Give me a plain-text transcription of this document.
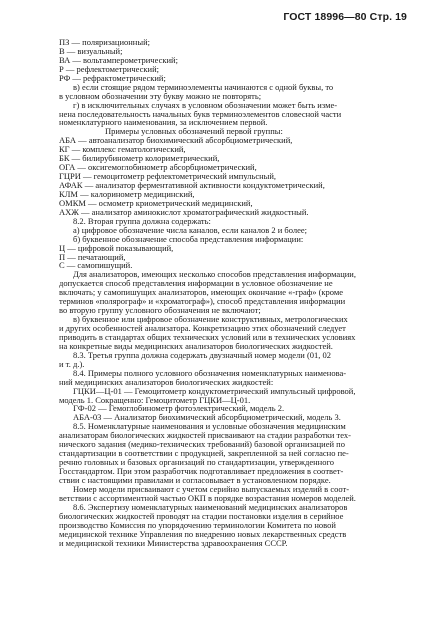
ГОСТ 18996—80 Стр. 19
ПЗ — поляризационный;
В — визуальный;
ВА — вольтамперометрический;
Р — рефлектометрический;
РФ — рефрактометрический;
в) если стоящие рядом терминоэлементы начинаются с одной буквы, то
в условном обозначении эту букву можно не повторять;
г) в исключительных случаях в условном обозначении может быть изме-
нена последовательность начальных букв терминоэлементов словесной части
номенклатурного наименования, за исключением первой.
Примеры условных обозначений первой группы:
АБА — автоанализатор биохимический абсорбциометрический,
КГ — комплекс гематологический,
БК — билирубинометр колориметрический,
ОГА — оксигемоглобинометр абсорбциометрический,
ГЦРИ — гемоцитометр рефлектометрический импульсный,
АФАК — анализатор ферментативной активности кондуктометрический,
КЛМ — калоринометр медицинский,
ОМКМ — осмометр криометрический медицинский,
АХЖ — анализатор аминокислот хроматографический жидкостный.
8.2. Вторая группа должна содержать:
а) цифровое обозначение числа каналов, если каналов 2 и более;
б) буквенное обозначение способа представления информации:
Ц — цифровой показывающий,
П — печатающий,
С — самопишущий.
Для анализаторов, имеющих несколько способов представления информации,
допускается способ представления информации в условное обозначение не
включать; у самопишущих анализаторов, имеющих окончание «-граф» (кроме
терминов «полярограф» и «хроматограф»), способ представления информации
во вторую группу условного обозначения не включают;
в) буквенное или цифровое обозначение конструктивных, метрологических
и других особенностей анализатора. Конкретизацию этих обозначений следует
приводить в стандартах общих технических условий или в технических условиях
на конкретные виды медицинских анализаторов биологических жидкостей.
8.3. Третья группа должна содержать двузначный номер модели (01, 02
и т. д.).
8.4. Примеры полного условного обозначения номенклатурных наименова-
ний медицинских анализаторов биологических жидкостей:
ГЦКИ—Ц-01 — Гемоцитометр кондуктометрический импульсный цифровой,
модель 1. Сокращенно: Гемоцитометр ГЦКИ—Ц-01.
ГФ-02 — Гемоглобинометр фотоэлектрический, модель 2.
АБА-03 — Анализатор биохимический абсорбциометрический, модель 3.
8.5. Номенклатурные наименования и условные обозначения медицинским
анализаторам биологических жидкостей присваивают на стадии разработки тех-
нического задания (медико-технических требований) базовой организацией по
стандартизации в соответствии с продукцией, закрепленной за ней согласно пе-
речню головных и базовых организаций по стандартизации, утвержденного
Госстандартом. При этом разработчик подготавливает предложения в соответ-
ствии с настоящими правилами и согласовывает в установленном порядке.
Номер модели присваивают с учетом серийно выпускаемых изделий в соот-
ветствии с ассортиментной частью ОКП в порядке возрастания номеров моделей.
8.6. Экспертизу номенклатурных наименований медицинских анализаторов
биологических жидкостей проводят на стадии постановки изделия в серийное
производство Комиссия по упорядочению терминологии Комитета по новой
медицинской технике Управления по внедрению новых лекарственных средств
и медицинской техники Министерства здравоохранения СССР.
